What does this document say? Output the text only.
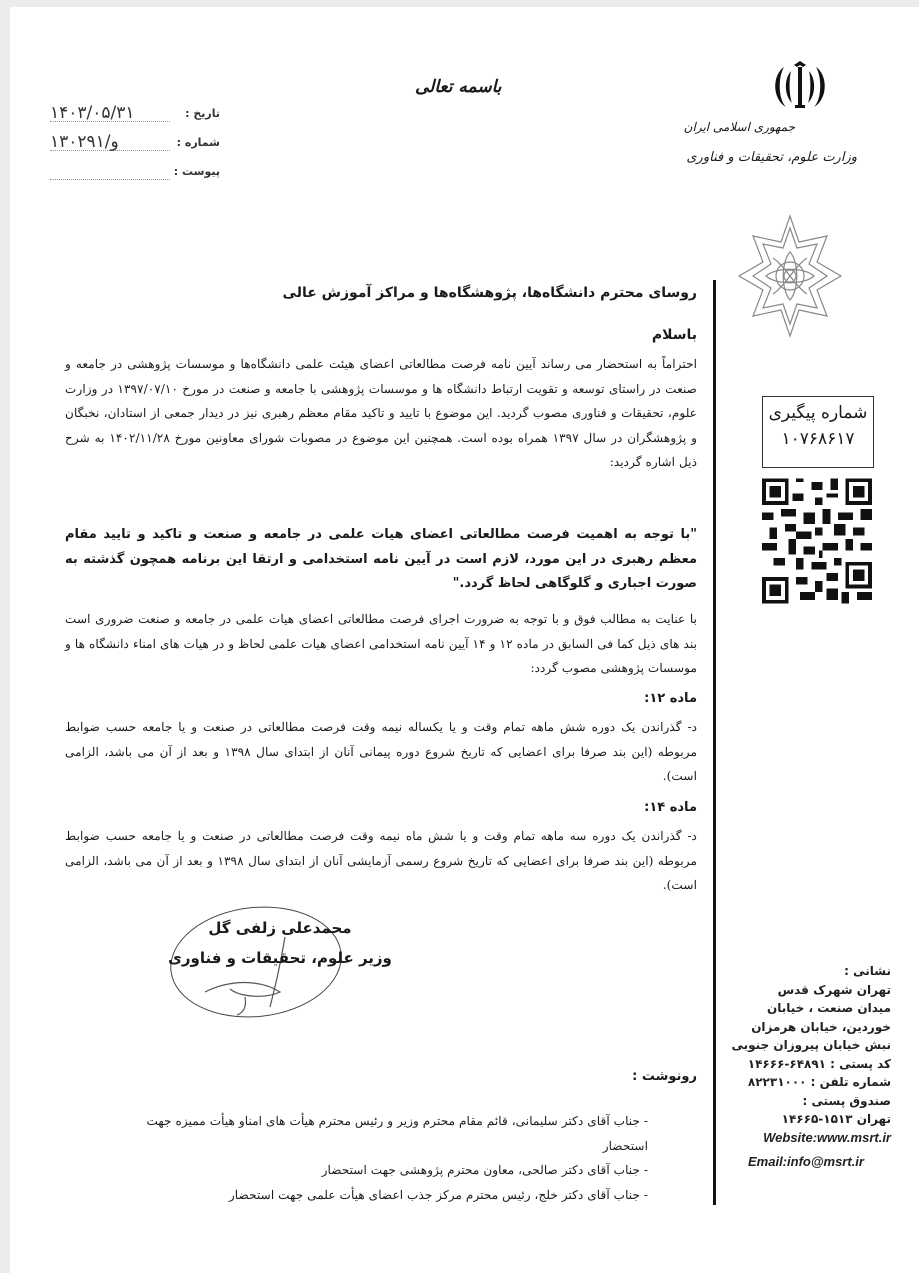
باسمه تعالی
تاریخ :
۱۴۰۳/۰۵/۳۱
شماره :
۱۳۰۲۹۱/و
پیوست :
جمهوری اسلامی ایران
وزارت علوم، تحقیقات و فناوری
شماره پیگیری
۱۰۷۶۸۶۱۷
نشانی :
تهران شهرک قدس
میدان صنعت ، خیابان
خوردین، خیابان هرمزان
نبش خیابان پیروزان جنوبی
کد پستی : ۶۴۸۹۱-۱۴۶۶۶
شماره تلفن : ۸۲۲۳۱۰۰۰
صندوق پستی :
تهران ۱۵۱۳-۱۴۶۶۵
Website:www.msrt.ir
Email:info@msrt.ir
روسای محترم دانشگاه‌ها، پژوهشگاه‌ها و مراکز آموزش عالی
باسلام
احتراماً به استحضار می رساند آیین نامه فرصت مطالعاتی اعضای هیئت علمی دانشگاه‌ها و موسسات پژوهشی در جامعه و صنعت در راستای توسعه و تقویت ارتباط دانشگاه ها و موسسات پژوهشی با جامعه و صنعت در مورخ ۱۳۹۷/۰۷/۱۰ در وزارت علوم، تحقیقات و فناوری مصوب گردید. این موضوع با تایید و تاکید مقام معظم رهبری نیز در دیدار جمعی از استادان، نخبگان و پژوهشگران در سال ۱۳۹۷ همراه بوده است. همچنین این موضوع در مصوبات شورای معاونین مورخ ۱۴۰۲/۱۱/۲۸ به شرح ذیل اشاره گردید:
"با توجه به اهمیت فرصت مطالعاتی اعضای هیات علمی در جامعه و صنعت و تاکید و تایید مقام معظم رهبری در این مورد، لازم است در آیین نامه استخدامی و ارتقا این برنامه همچون گذشته به صورت اجباری و گلوگاهی لحاظ گردد."
با عنایت به مطالب فوق و با توجه به ضرورت اجرای فرصت مطالعاتی اعضای هیات علمی در جامعه و صنعت ضروری است بند های ذیل کما فی السابق در ماده ۱۲ و ۱۴ آیین نامه استخدامی اعضای هیات علمی لحاظ و در هیات های امناء دانشگاه ها و موسسات پژوهشی مصوب گردد:
ماده ۱۲:
د- گذراندن یک دوره شش ماهه تمام وقت و یا یکساله نیمه وقت فرصت مطالعاتی در صنعت و یا جامعه حسب ضوابط مربوطه (این بند صرفا برای اعضایی که تاریخ شروع دوره پیمانی آنان از ابتدای سال ۱۳۹۸ و بعد از آن می باشد، الزامی است).
ماده ۱۴:
د- گذراندن یک دوره سه ماهه تمام وقت و یا شش ماه نیمه وقت فرصت مطالعاتی در صنعت و یا جامعه حسب ضوابط مربوطه (این بند صرفا برای اعضایی که تاریخ شروع رسمی آزمایشی آنان از ابتدای سال ۱۳۹۸ و بعد از آن می باشد، الزامی است).
محمدعلی زلفی گل
وزیر علوم، تحقیقات و فناوری
رونوشت :
- جناب آقای دکتر سلیمانی، قائم مقام محترم وزیر و رئیس محترم هیأت های امناو هیأت ممیزه جهت استحضار
- جناب آقای دکتر صالحی، معاون محترم پژوهشی جهت استحضار
- جناب آقای دکتر خلج، رئیس محترم مرکز جذب اعضای هیأت علمی جهت استحضار
